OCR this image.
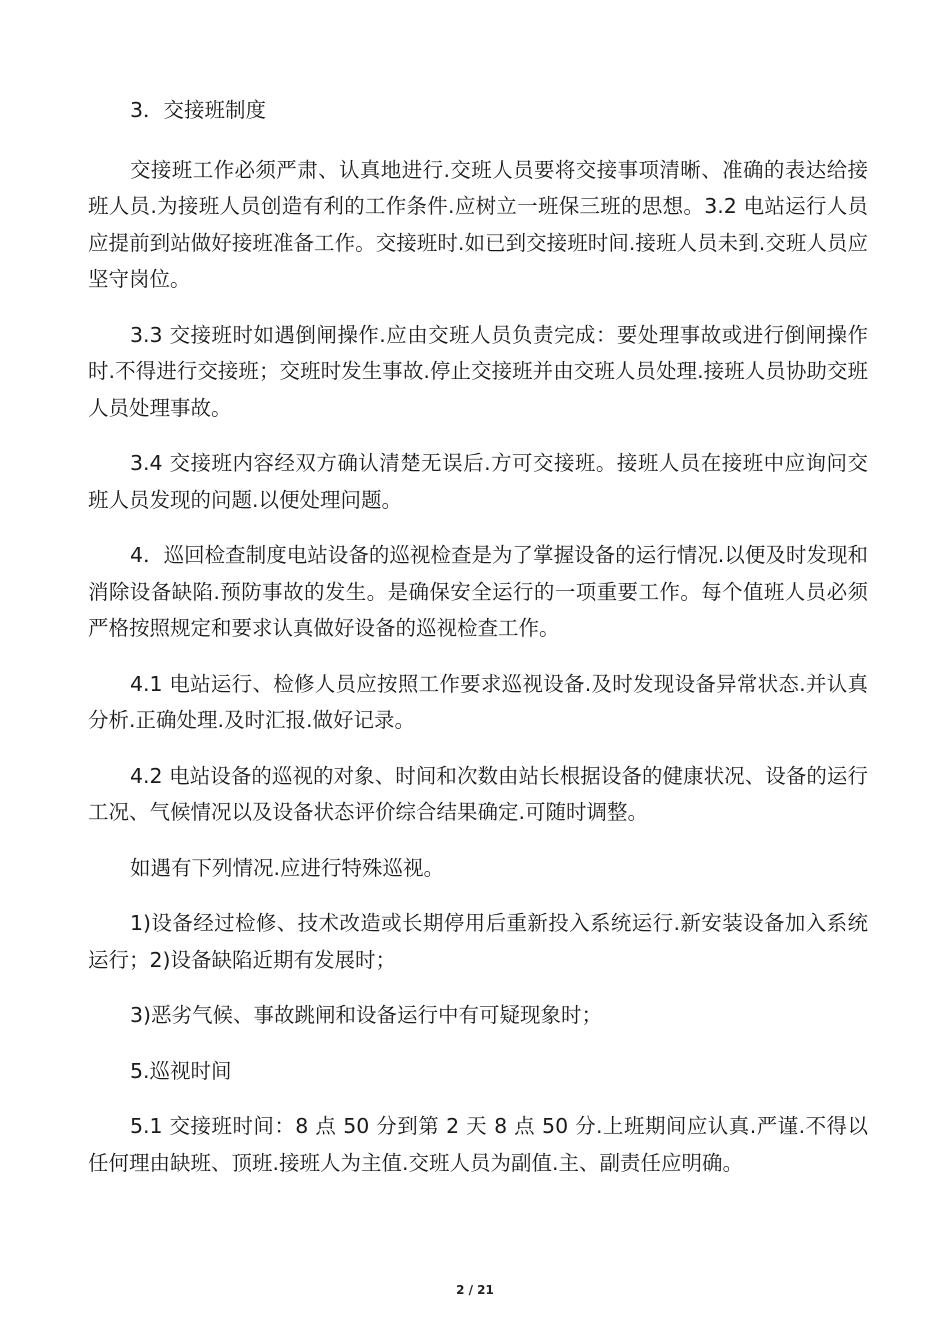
3．交接班制度

交接班工作必须严肃、认真地进行.交班人员要将交接事项清晰、准确的表达给接班人员.为接班人员创造有利的工作条件.应树立一班保三班的思想。3.2 电站运行人员应提前到站做好接班准备工作。交接班时.如已到交接班时间.接班人员未到.交班人员应坚守岗位。

3.3 交接班时如遇倒闸操作.应由交班人员负责完成：要处理事故或进行倒闸操作时.不得进行交接班；交班时发生事故.停止交接班并由交班人员处理.接班人员协助交班人员处理事故。

3.4 交接班内容经双方确认清楚无误后.方可交接班。接班人员在接班中应询问交班人员发现的问题.以便处理问题。

4．巡回检查制度电站设备的巡视检查是为了掌握设备的运行情况.以便及时发现和消除设备缺陷.预防事故的发生。是确保安全运行的一项重要工作。每个值班人员必须严格按照规定和要求认真做好设备的巡视检查工作。

4.1 电站运行、检修人员应按照工作要求巡视设备.及时发现设备异常状态.并认真分析.正确处理.及时汇报.做好记录。

4.2 电站设备的巡视的对象、时间和次数由站长根据设备的健康状况、设备的运行工况、气候情况以及设备状态评价综合结果确定.可随时调整。

如遇有下列情况.应进行特殊巡视。

1)设备经过检修、技术改造或长期停用后重新投入系统运行.新安装设备加入系统运行；2)设备缺陷近期有发展时；

3)恶劣气候、事故跳闸和设备运行中有可疑现象时；

5.巡视时间

5.1 交接班时间：8 点 50 分到第 2 天 8 点 50 分.上班期间应认真.严谨.不得以任何理由缺班、顶班.接班人为主值.交班人员为副值.主、副责任应明确。

2 / 21
